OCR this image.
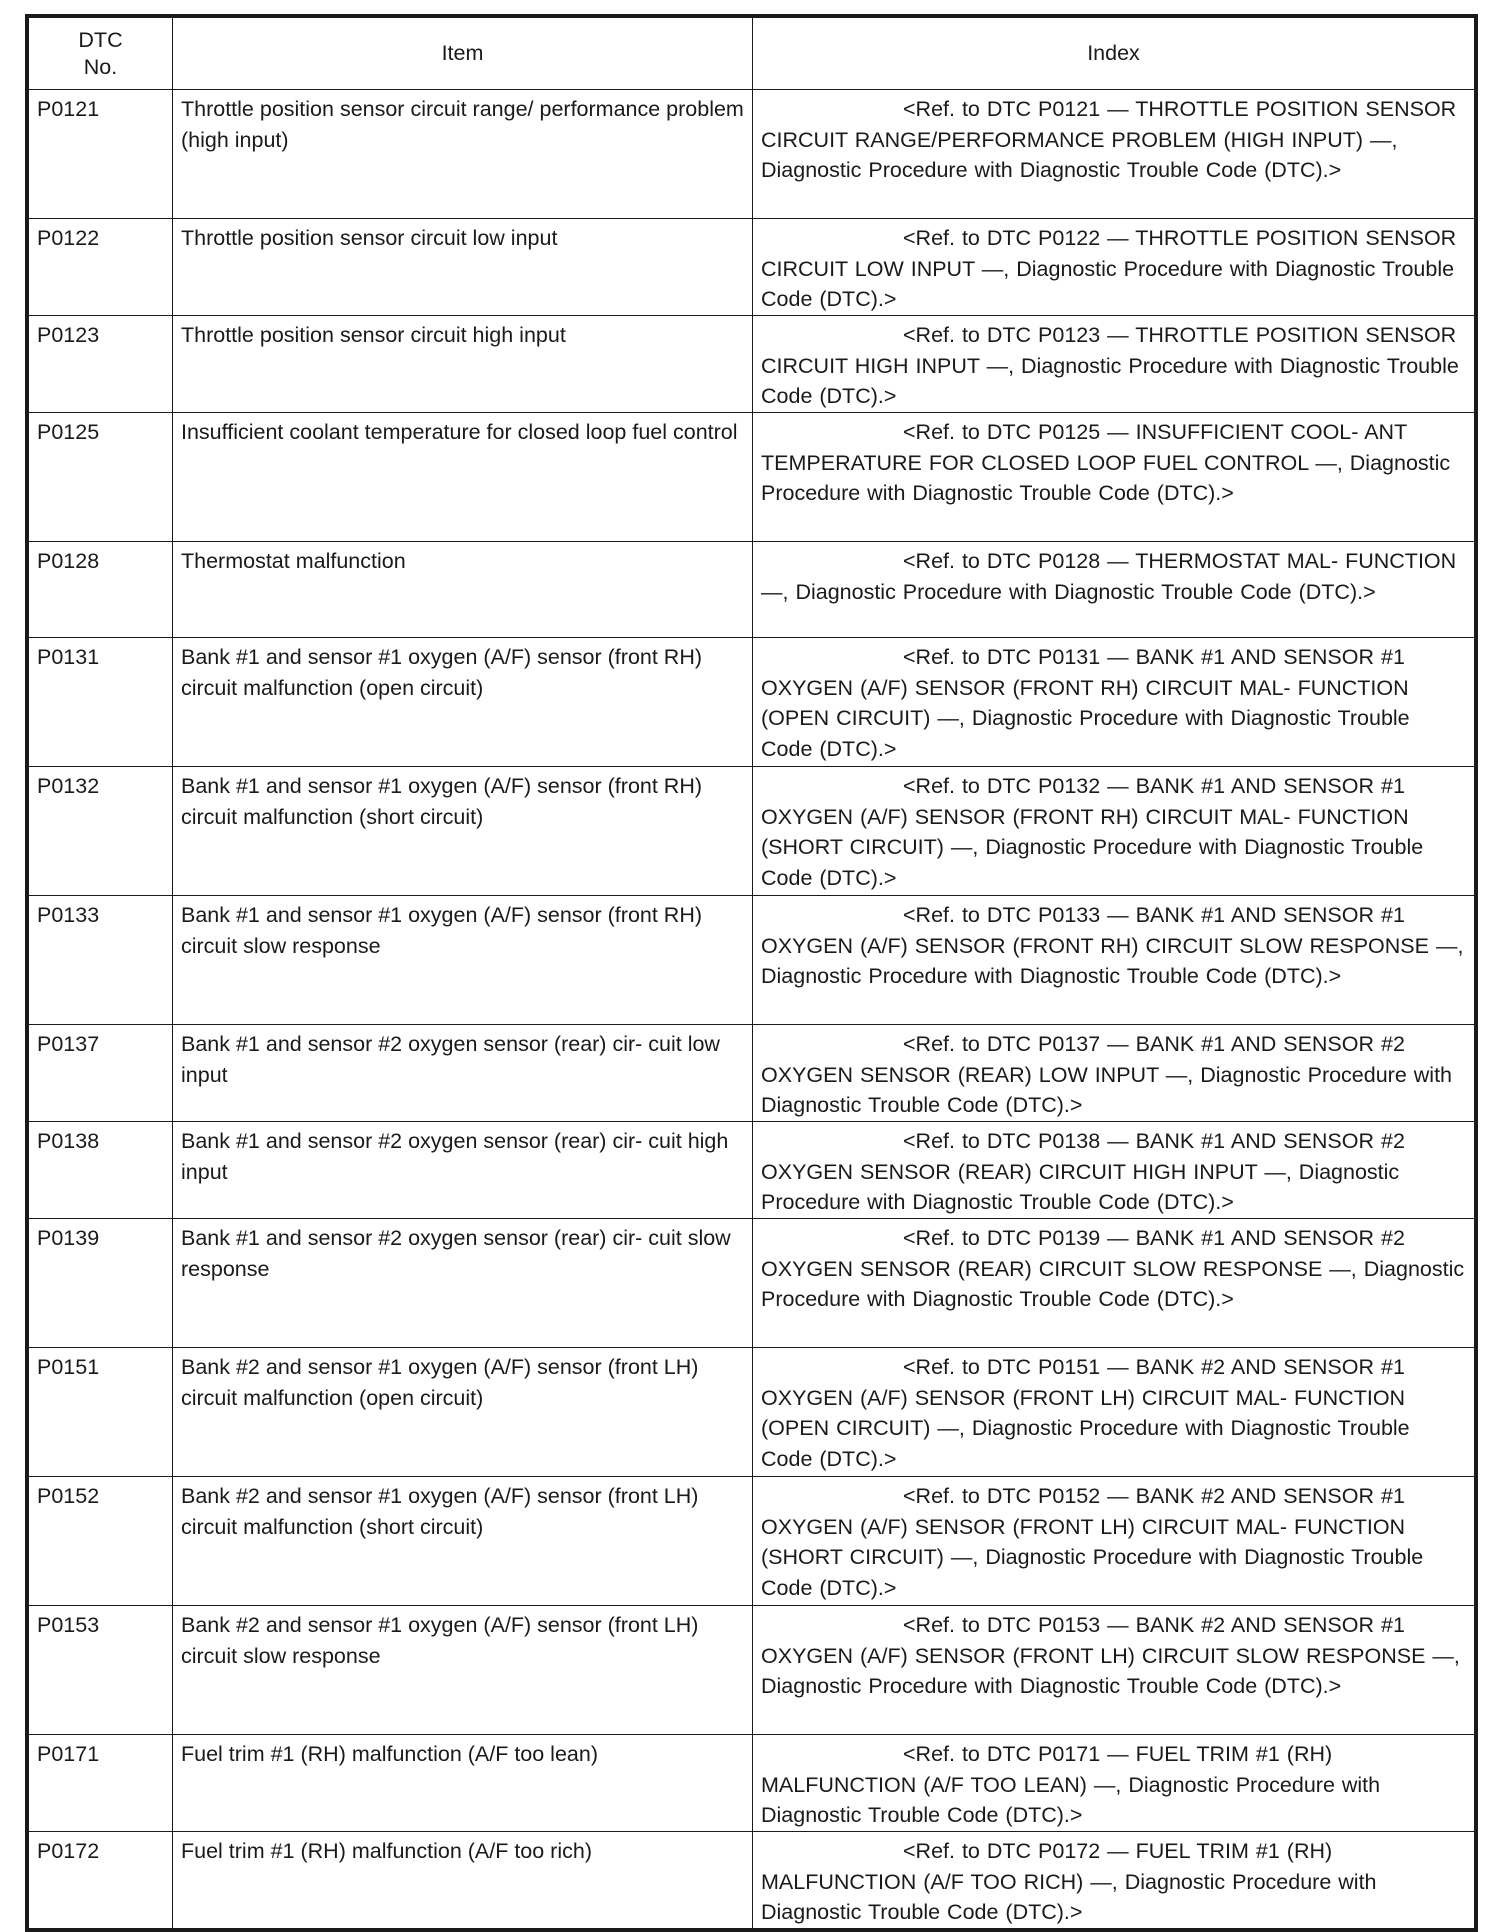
DTC
No.	Item	Index
P0121	Throttle position sensor circuit range/ performance problem (high input)	<Ref. to DTC P0121 — THROTTLE POSITION SENSOR CIRCUIT RANGE/PERFORMANCE PROBLEM (HIGH INPUT) —, Diagnostic Procedure with Diagnostic Trouble Code (DTC).>
P0122	Throttle position sensor circuit low input	<Ref. to DTC P0122 — THROTTLE POSITION SENSOR CIRCUIT LOW INPUT —, Diagnostic Procedure with Diagnostic Trouble Code (DTC).>
P0123	Throttle position sensor circuit high input	<Ref. to DTC P0123 — THROTTLE POSITION SENSOR CIRCUIT HIGH INPUT —, Diagnostic Procedure with Diagnostic Trouble Code (DTC).>
P0125	Insufficient coolant temperature for closed loop fuel control	<Ref. to DTC P0125 — INSUFFICIENT COOL- ANT TEMPERATURE FOR CLOSED LOOP FUEL CONTROL —, Diagnostic Procedure with Diagnostic Trouble Code (DTC).>
P0128	Thermostat malfunction	<Ref. to DTC P0128 — THERMOSTAT MAL- FUNCTION —, Diagnostic Procedure with Diagnostic Trouble Code (DTC).>
P0131	Bank #1 and sensor #1 oxygen (A/F) sensor (front RH) circuit malfunction (open circuit)	<Ref. to DTC P0131 — BANK #1 AND SENSOR #1 OXYGEN (A/F) SENSOR (FRONT RH) CIRCUIT MAL- FUNCTION (OPEN CIRCUIT) —, Diagnostic Procedure with Diagnostic Trouble Code (DTC).>
P0132	Bank #1 and sensor #1 oxygen (A/F) sensor (front RH) circuit malfunction (short circuit)	<Ref. to DTC P0132 — BANK #1 AND SENSOR #1 OXYGEN (A/F) SENSOR (FRONT RH) CIRCUIT MAL- FUNCTION (SHORT CIRCUIT) —, Diagnostic Procedure with Diagnostic Trouble Code (DTC).>
P0133	Bank #1 and sensor #1 oxygen (A/F) sensor (front RH) circuit slow response	<Ref. to DTC P0133 — BANK #1 AND SENSOR #1 OXYGEN (A/F) SENSOR (FRONT RH) CIRCUIT SLOW RESPONSE —, Diagnostic Procedure with Diagnostic Trouble Code (DTC).>
P0137	Bank #1 and sensor #2 oxygen sensor (rear) cir- cuit low input	<Ref. to DTC P0137 — BANK #1 AND SENSOR #2 OXYGEN SENSOR (REAR) LOW INPUT —, Diagnostic Procedure with Diagnostic Trouble Code (DTC).>
P0138	Bank #1 and sensor #2 oxygen sensor (rear) cir- cuit high input	<Ref. to DTC P0138 — BANK #1 AND SENSOR #2 OXYGEN SENSOR (REAR) CIRCUIT HIGH INPUT —, Diagnostic Procedure with Diagnostic Trouble Code (DTC).>
P0139	Bank #1 and sensor #2 oxygen sensor (rear) cir- cuit slow response	<Ref. to DTC P0139 — BANK #1 AND SENSOR #2 OXYGEN SENSOR (REAR) CIRCUIT SLOW RESPONSE —, Diagnostic Procedure with Diagnostic Trouble Code (DTC).>
P0151	Bank #2 and sensor #1 oxygen (A/F) sensor (front LH) circuit malfunction (open circuit)	<Ref. to DTC P0151 — BANK #2 AND SENSOR #1 OXYGEN (A/F) SENSOR (FRONT LH) CIRCUIT MAL- FUNCTION (OPEN CIRCUIT) —, Diagnostic Procedure with Diagnostic Trouble Code (DTC).>
P0152	Bank #2 and sensor #1 oxygen (A/F) sensor (front LH) circuit malfunction (short circuit)	<Ref. to DTC P0152 — BANK #2 AND SENSOR #1 OXYGEN (A/F) SENSOR (FRONT LH) CIRCUIT MAL- FUNCTION (SHORT CIRCUIT) —, Diagnostic Procedure with Diagnostic Trouble Code (DTC).>
P0153	Bank #2 and sensor #1 oxygen (A/F) sensor (front LH) circuit slow response	<Ref. to DTC P0153 — BANK #2 AND SENSOR #1 OXYGEN (A/F) SENSOR (FRONT LH) CIRCUIT SLOW RESPONSE —, Diagnostic Procedure with Diagnostic Trouble Code (DTC).>
P0171	Fuel trim #1 (RH) malfunction (A/F too lean)	<Ref. to DTC P0171 — FUEL TRIM #1 (RH) MALFUNCTION (A/F TOO LEAN) —, Diagnostic Procedure with Diagnostic Trouble Code (DTC).>
P0172	Fuel trim #1 (RH) malfunction (A/F too rich)	<Ref. to DTC P0172 — FUEL TRIM #1 (RH) MALFUNCTION (A/F TOO RICH) —, Diagnostic Procedure with Diagnostic Trouble Code (DTC).>
